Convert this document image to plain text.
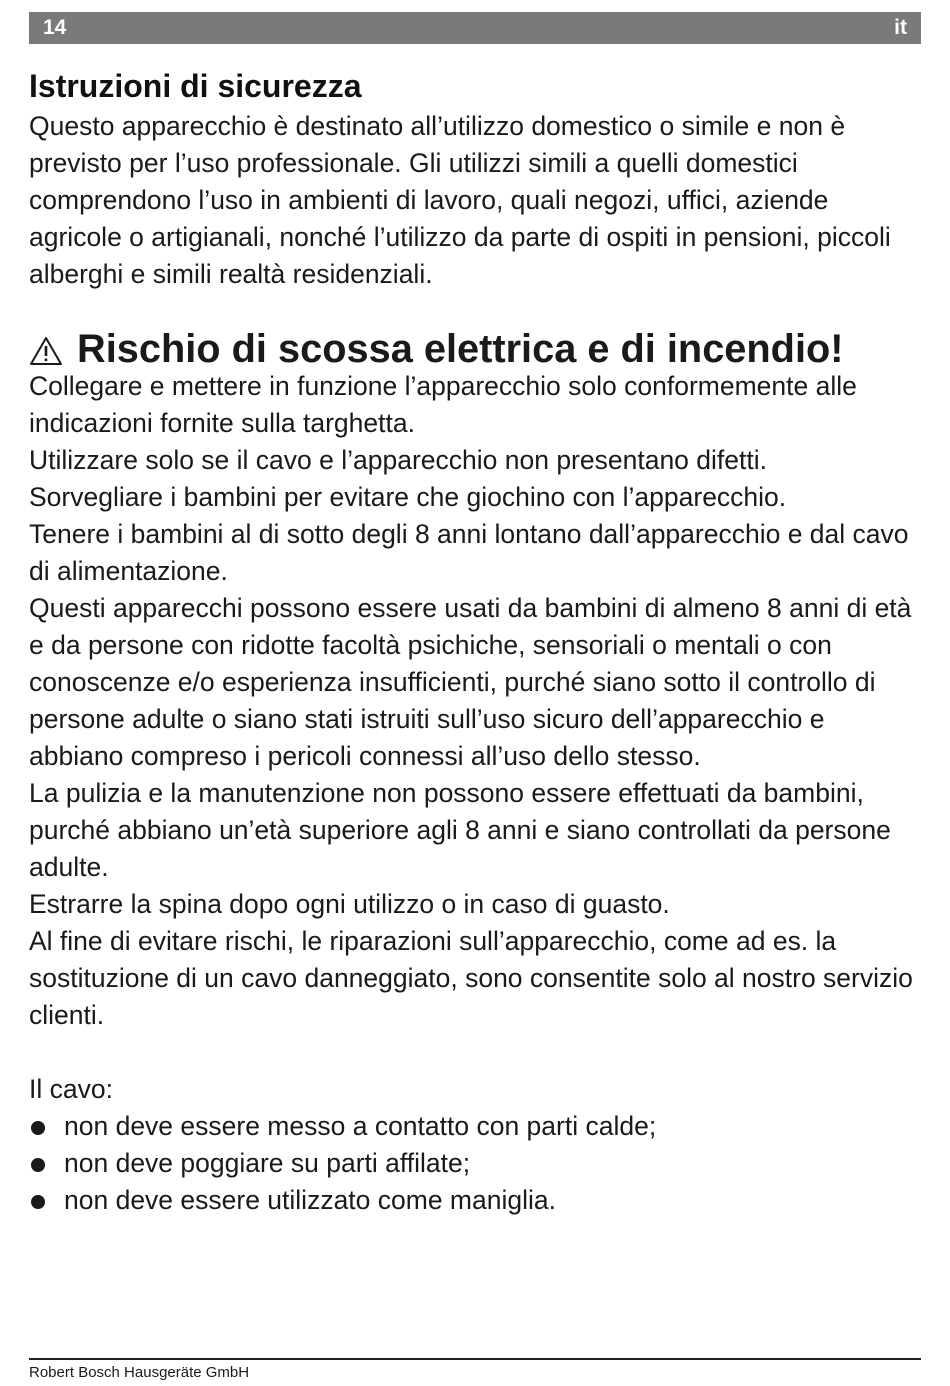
14	it
Istruzioni di sicurezza

Questo apparecchio è destinato all’utilizzo domestico o simile e non è previsto per l’uso professionale. Gli utilizzi simili a quelli domestici comprendono l’uso in ambienti di lavoro, quali negozi, uffici, aziende agricole o artigianali, nonché l’utilizzo da parte di ospiti in pensioni, piccoli alberghi e simili realtà residenziali.

Rischio di scossa elettrica e di incendio!

Collegare e mettere in funzione l’apparecchio solo conformemente alle indicazioni fornite sulla targhetta.

Utilizzare solo se il cavo e l’apparecchio non presentano difetti.

Sorvegliare i bambini per evitare che giochino con l’apparecchio.

Tenere i bambini al di sotto degli 8 anni lontano dall’apparecchio e dal cavo di alimentazione.

Questi apparecchi possono essere usati da bambini di almeno 8 anni di età e da persone con ridotte facoltà psichiche, sensoriali o mentali o con conoscenze e/o esperienza insufficienti, purché siano sotto il controllo di persone adulte o siano stati istruiti sull’uso sicuro dell’apparecchio e abbiano compreso i pericoli connessi all’uso dello stesso.

La pulizia e la manutenzione non possono essere effettuati da bambini, purché abbiano un’età superiore agli 8 anni e siano controllati da persone adulte.

Estrarre la spina dopo ogni utilizzo o in caso di guasto.

Al fine di evitare rischi, le riparazioni sull’apparecchio, come ad es. la sostituzione di un cavo danneggiato, sono consentite solo al nostro servizio clienti.

Il cavo:

non deve essere messo a contatto con parti calde;
non deve poggiare su parti affilate;
non deve essere utilizzato come maniglia.
Robert Bosch Hausgeräte GmbH
